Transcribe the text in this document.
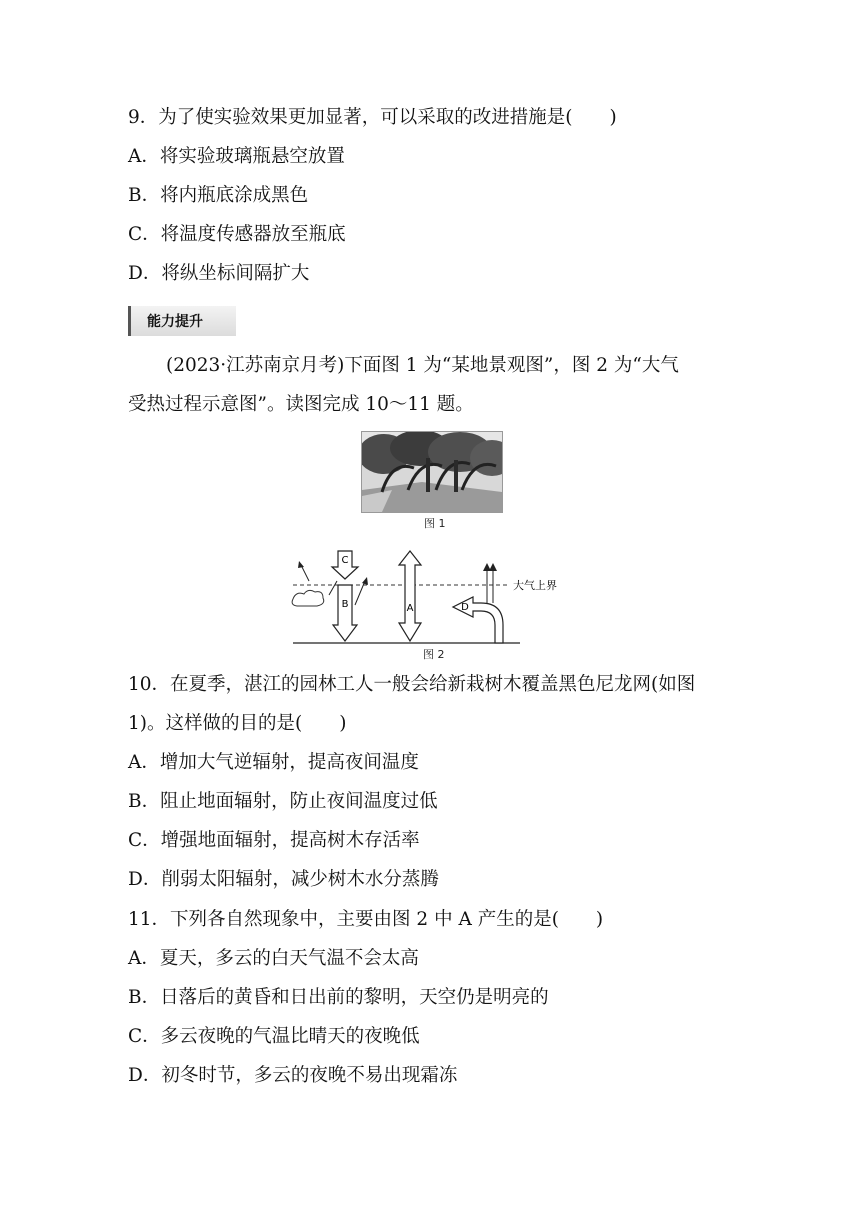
9．为了使实验效果更加显著，可以采取的改进措施是(　　)
A．将实验玻璃瓶悬空放置
B．将内瓶底涂成黑色
C．将温度传感器放至瓶底
D．将纵坐标间隔扩大
能力提升
(2023·江苏南京月考)下面图 1 为“某地景观图”，图 2 为“大气
受热过程示意图”。读图完成 10～11 题。
图 1
C
B	A	D
大气上界
图 2
10．在夏季，湛江的园林工人一般会给新栽树木覆盖黑色尼龙网(如图
1)。这样做的目的是(　　)
A．增加大气逆辐射，提高夜间温度
B．阻止地面辐射，防止夜间温度过低
C．增强地面辐射，提高树木存活率
D．削弱太阳辐射，减少树木水分蒸腾
11．下列各自然现象中，主要由图 2 中 A 产生的是(　　)
A．夏天，多云的白天气温不会太高
B．日落后的黄昏和日出前的黎明，天空仍是明亮的
C．多云夜晚的气温比晴天的夜晚低
D．初冬时节，多云的夜晚不易出现霜冻
